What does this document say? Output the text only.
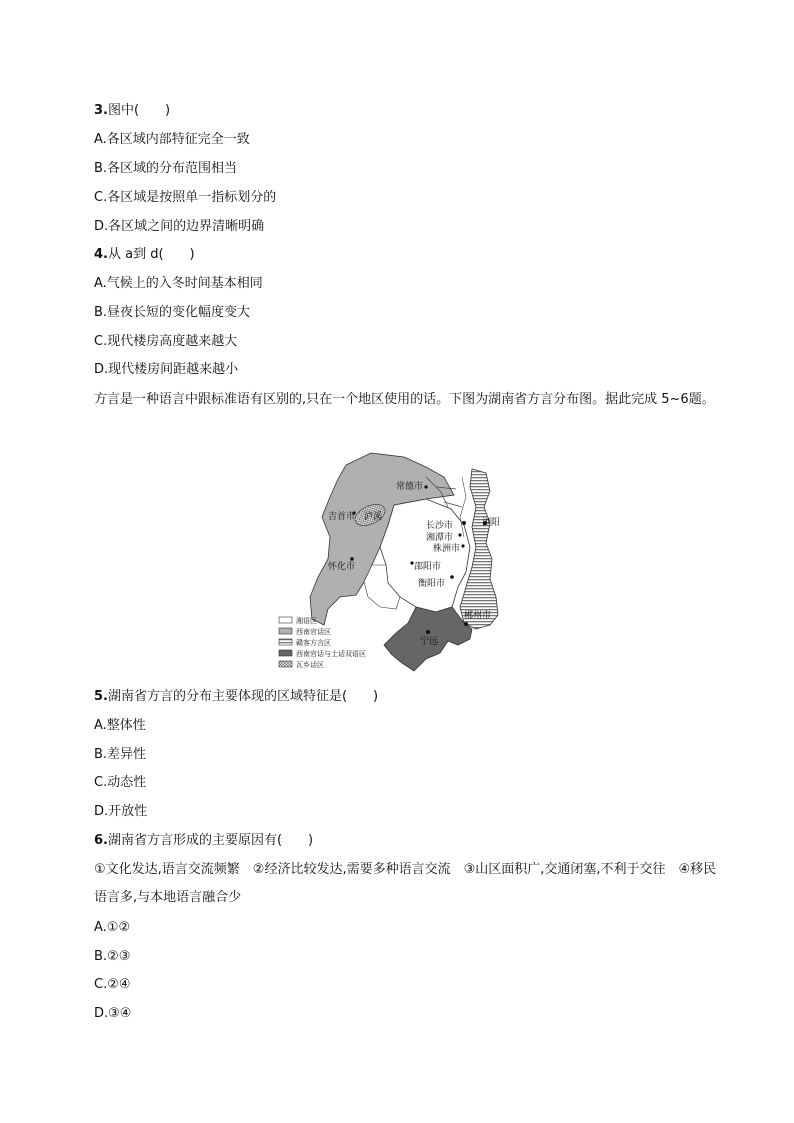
3.图中(　　)
A.各区域内部特征完全一致
B.各区域的分布范围相当
C.各区域是按照单一指标划分的
D.各区域之间的边界清晰明确
4.从 a到 d(　　)
A.气候上的入冬时间基本相同
B.昼夜长短的变化幅度变大
C.现代楼房高度越来越大
D.现代楼房间距越来越小
方言是一种语言中跟标准语有区别的,只在一个地区使用的话。下图为湖南省方言分布图。据此完成 5~6题。
常德市
吉首市 泸溪
长沙市	浏阳
湘潭市
株洲市
怀化市	邵阳市
衡阳市
郴州市
宁远
湘语区
西南官话区
赣客方言区
西南官话与土话双语区
瓦乡话区
5.湖南省方言的分布主要体现的区域特征是(　　)
A.整体性
B.差异性
C.动态性
D.开放性
6.湖南省方言形成的主要原因有(　　)
①文化发达,语言交流频繁　②经济比较发达,需要多种语言交流　③山区面积广,交通闭塞,不利于交往　④移民语言多,与本地语言融合少
A.①②
B.②③
C.②④
D.③④
